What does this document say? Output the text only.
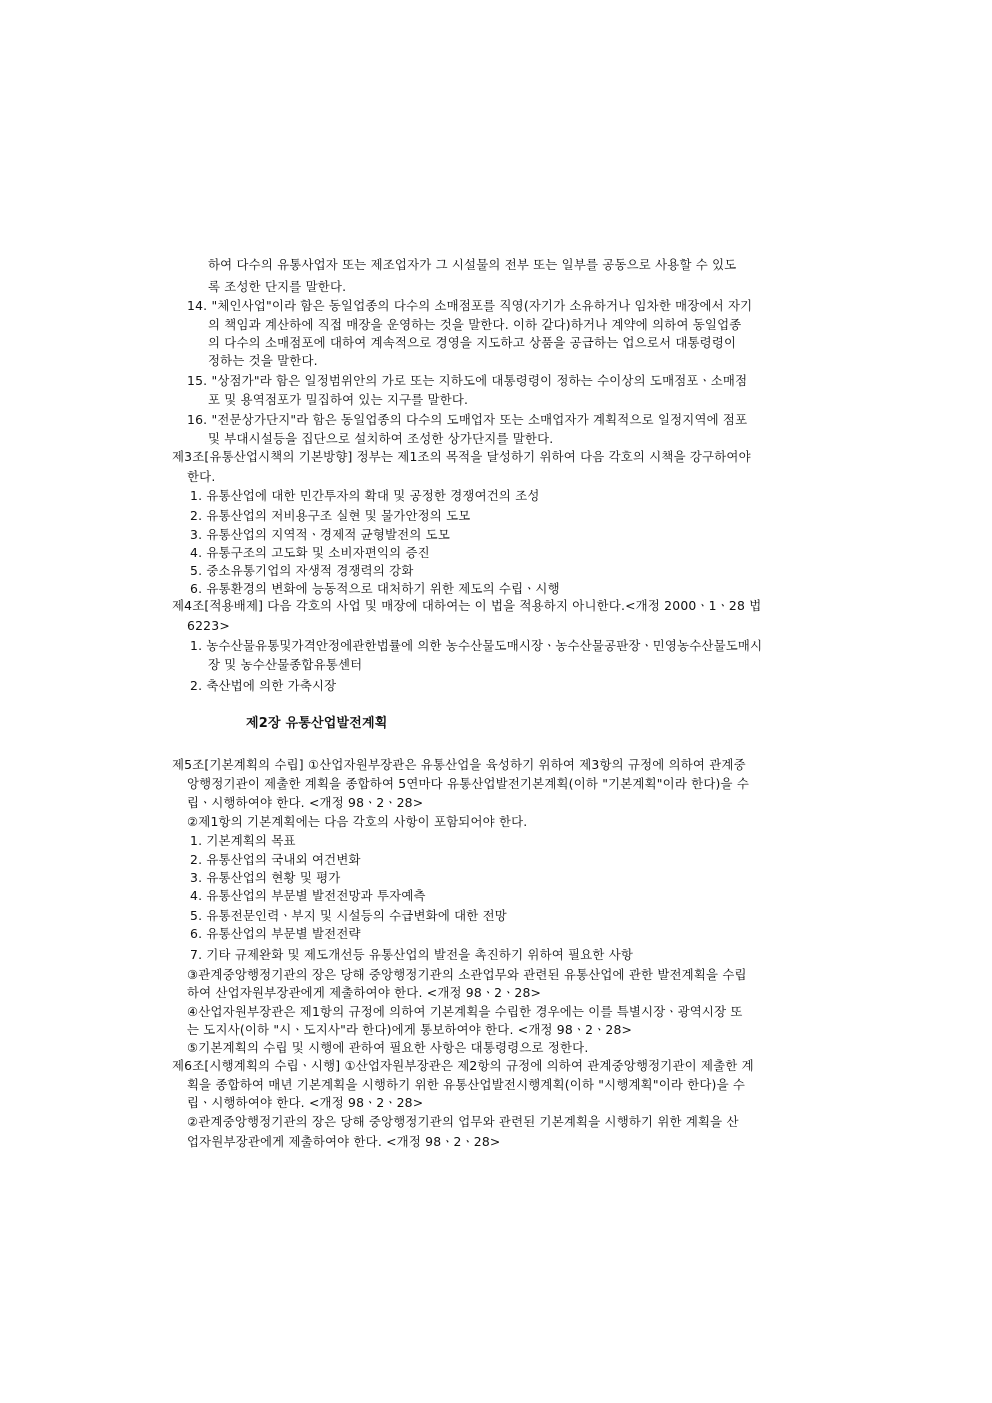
하여 다수의 유통사업자 또는 제조업자가 그 시설물의 전부 또는 일부를 공동으로 사용할 수 있도
록 조성한 단지를 말한다.
14. "체인사업"이라 함은 동일업종의 다수의 소매점포를 직영(자기가 소유하거나 임차한 매장에서 자기
의 책임과 계산하에 직접 매장을 운영하는 것을 말한다. 이하 같다)하거나 계약에 의하여 동일업종
의 다수의 소매점포에 대하여 계속적으로 경영을 지도하고 상품을 공급하는 업으로서 대통령령이
정하는 것을 말한다.
15. "상점가"라 함은 일정범위안의 가로 또는 지하도에 대통령령이 정하는 수이상의 도매점포ㆍ소매점
포 및 용역점포가 밀집하여 있는 지구를 말한다.
16. "전문상가단지"라 함은 동일업종의 다수의 도매업자 또는 소매업자가 계획적으로 일정지역에 점포
및 부대시설등을 집단으로 설치하여 조성한 상가단지를 말한다.
제3조[유통산업시책의 기본방향] 정부는 제1조의 목적을 달성하기 위하여 다음 각호의 시책을 강구하여야
한다.
1. 유통산업에 대한 민간투자의 확대 및 공정한 경쟁여건의 조성
2. 유통산업의 저비용구조 실현 및 물가안정의 도모
3. 유통산업의 지역적ㆍ경제적 균형발전의 도모
4. 유통구조의 고도화 및 소비자편익의 증진
5. 중소유통기업의 자생적 경쟁력의 강화
6. 유통환경의 변화에 능동적으로 대처하기 위한 제도의 수립ㆍ시행
제4조[적용배제] 다음 각호의 사업 및 매장에 대하여는 이 법을 적용하지 아니한다.<개정 2000ㆍ1ㆍ28 법
6223>
1. 농수산물유통및가격안정에관한법률에 의한 농수산물도매시장ㆍ농수산물공판장ㆍ민영농수산물도매시
장 및 농수산물종합유통센터
2. 축산법에 의한 가축시장
제2장 유통산업발전계획
제5조[기본계획의 수립] ①산업자원부장관은 유통산업을 육성하기 위하여 제3항의 규정에 의하여 관계중
앙행정기관이 제출한 계획을 종합하여 5연마다 유통산업발전기본계획(이하 "기본계획"이라 한다)을 수
립ㆍ시행하여야 한다. <개정 98ㆍ2ㆍ28>
②제1항의 기본계획에는 다음 각호의 사항이 포함되어야 한다.
1. 기본계획의 목표
2. 유통산업의 국내외 여건변화
3. 유통산업의 현황 및 평가
4. 유통산업의 부문별 발전전망과 투자예측
5. 유통전문인력ㆍ부지 및 시설등의 수급변화에 대한 전망
6. 유통산업의 부문별 발전전략
7. 기타 규제완화 및 제도개선등 유통산업의 발전을 촉진하기 위하여 필요한 사항
③관계중앙행정기관의 장은 당해 중앙행정기관의 소관업무와 관련된 유통산업에 관한 발전계획을 수립
하여 산업자원부장관에게 제출하여야 한다. <개정 98ㆍ2ㆍ28>
④산업자원부장관은 제1항의 규정에 의하여 기본계획을 수립한 경우에는 이를 특별시장ㆍ광역시장 또
는 도지사(이하 "시ㆍ도지사"라 한다)에게 통보하여야 한다. <개정 98ㆍ2ㆍ28>
⑤기본계획의 수립 및 시행에 관하여 필요한 사항은 대통령령으로 정한다.
제6조[시행계획의 수립ㆍ시행] ①산업자원부장관은 제2항의 규정에 의하여 관계중앙행정기관이 제출한 계
획을 종합하여 매년 기본계획을 시행하기 위한 유통산업발전시행계획(이하 "시행계획"이라 한다)을 수
립ㆍ시행하여야 한다. <개정 98ㆍ2ㆍ28>
②관계중앙행정기관의 장은 당해 중앙행정기관의 업무와 관련된 기본계획을 시행하기 위한 계획을 산
업자원부장관에게 제출하여야 한다. <개정 98ㆍ2ㆍ28>
